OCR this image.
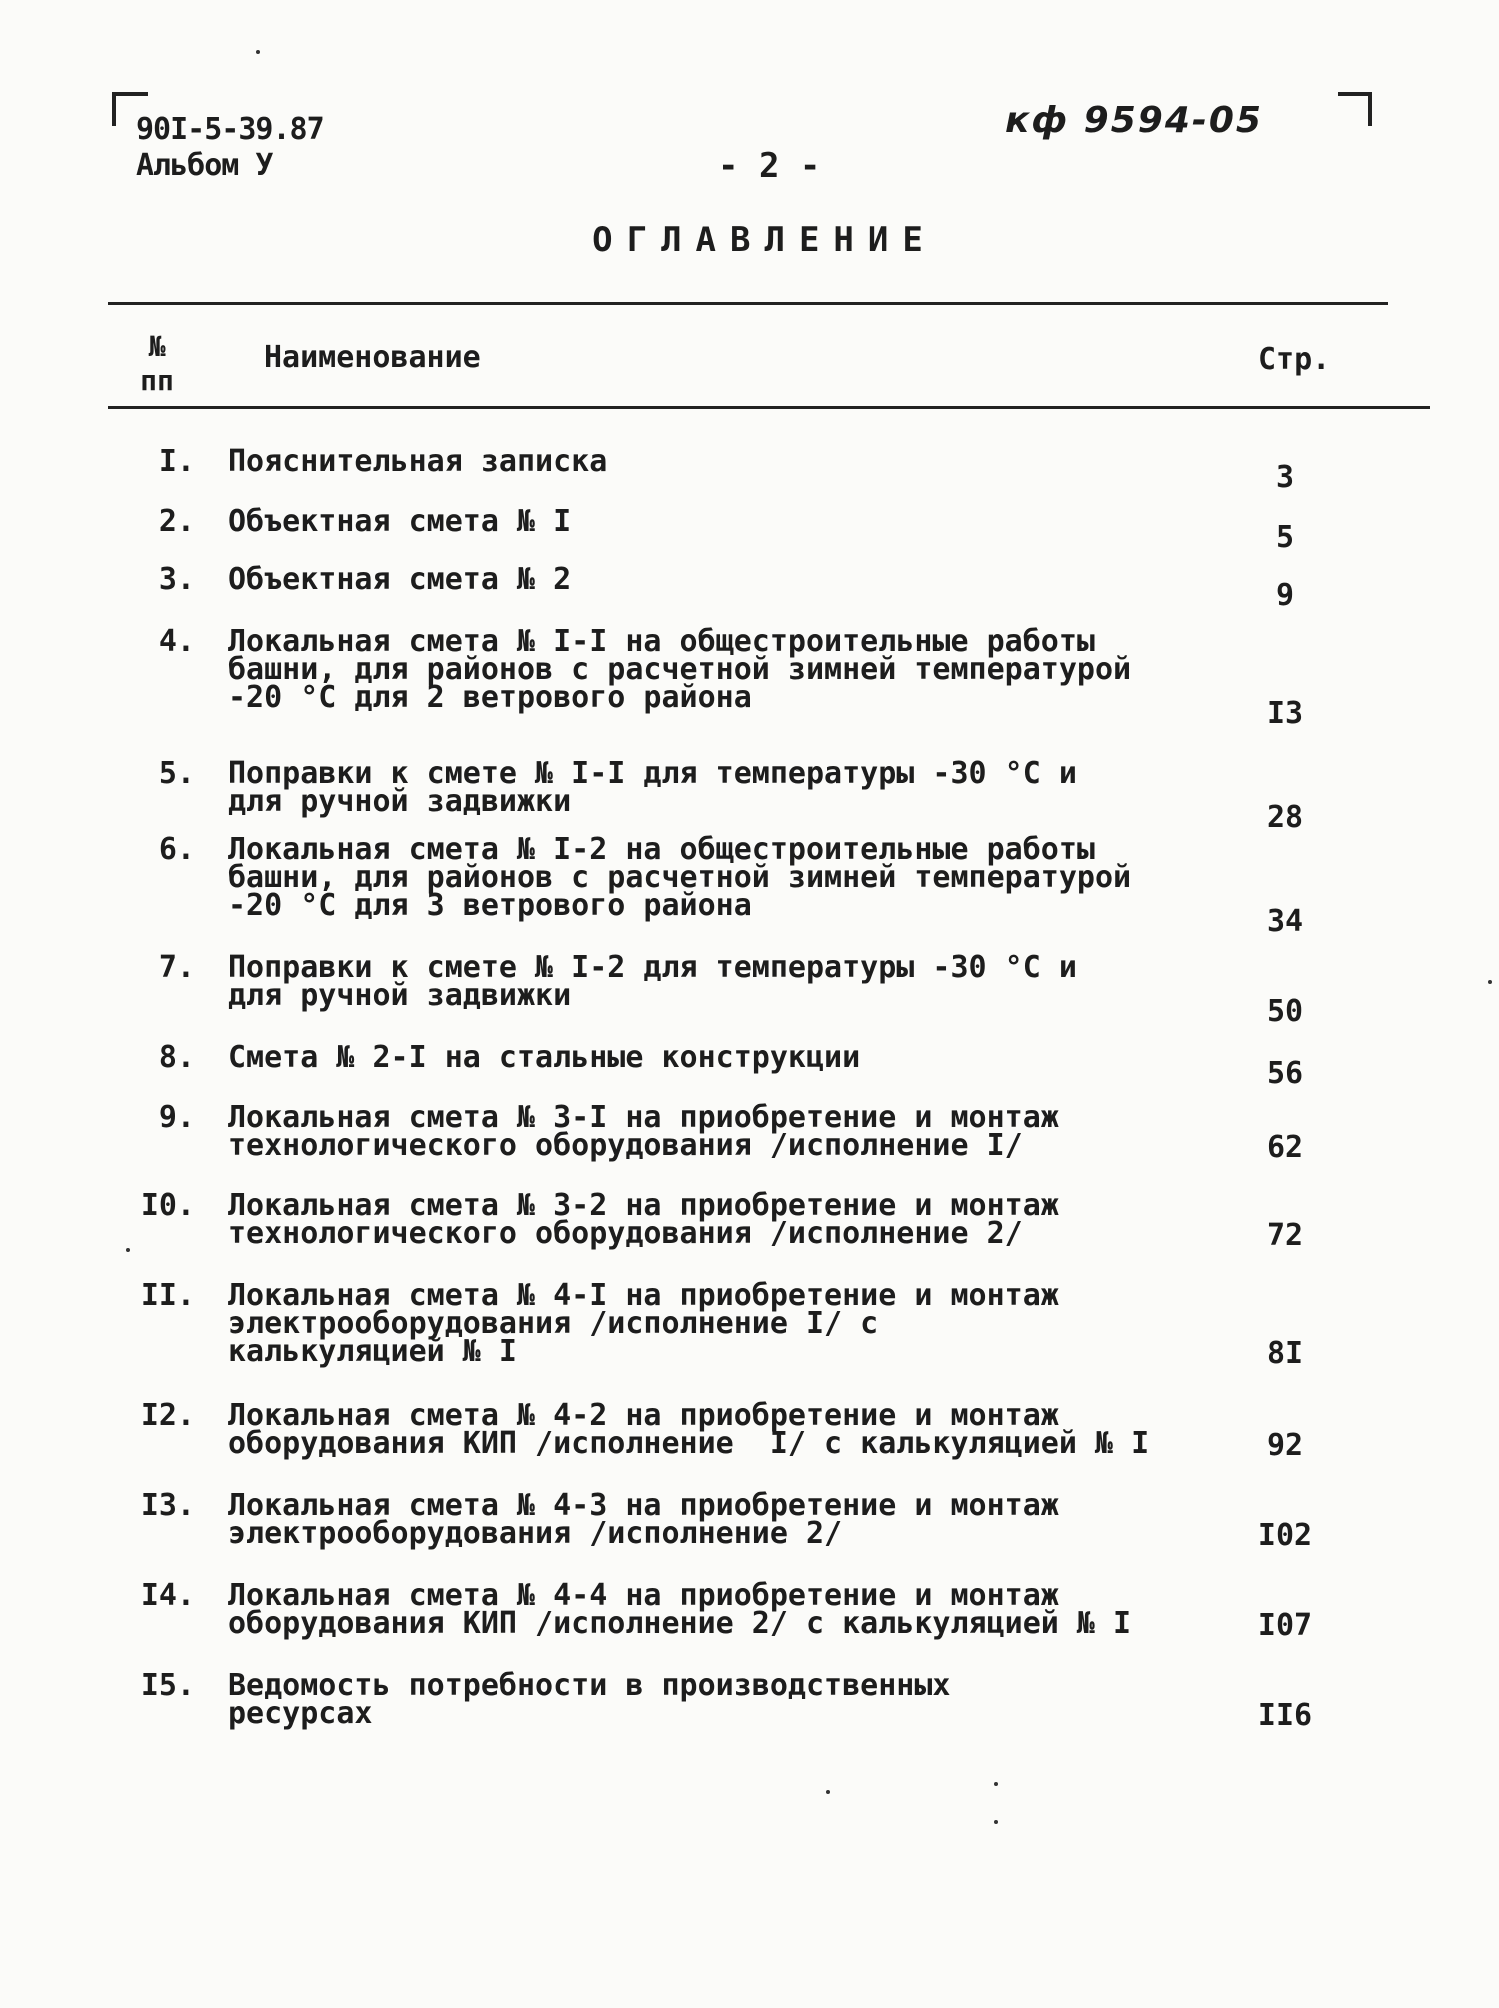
90I-5-39.87
Альбом У
кф 9594-05
- 2 -
ОГЛАВЛЕНИЕ
№
пп
Наименование	Стр.
I. Пояснительная записка	3
2. Объектная смета № I	5
3. Объектная смета № 2	9
4. Локальная смета № I-I на общестроительные работы
башни, для районов с расчетной зимней температурой
-20 °С для 2 ветрового района	I3
5. Поправки к смете № I-I для температуры -30 °С и
для ручной задвижки	28
6. Локальная смета № I-2 на общестроительные работы
башни, для районов с расчетной зимней температурой
-20 °С для 3 ветрового района	34
7. Поправки к смете № I-2 для температуры -30 °С и
для ручной задвижки	50
8. Смета № 2-I на стальные конструкции	56
9. Локальная смета № 3-I на приобретение и монтаж
технологического оборудования /исполнение I/	62
I0. Локальная смета № 3-2 на приобретение и монтаж
технологического оборудования /исполнение 2/	72
II. Локальная смета № 4-I на приобретение и монтаж
электрооборудования /исполнение I/ с
калькуляцией № I	8I
I2. Локальная смета № 4-2 на приобретение и монтаж
оборудования КИП /исполнение  I/ с калькуляцией № I	92
I3. Локальная смета № 4-3 на приобретение и монтаж
электрооборудования /исполнение 2/	I02
I4. Локальная смета № 4-4 на приобретение и монтаж
оборудования КИП /исполнение 2/ с калькуляцией № I	I07
I5. Ведомость потребности в производственных
ресурсах	II6
